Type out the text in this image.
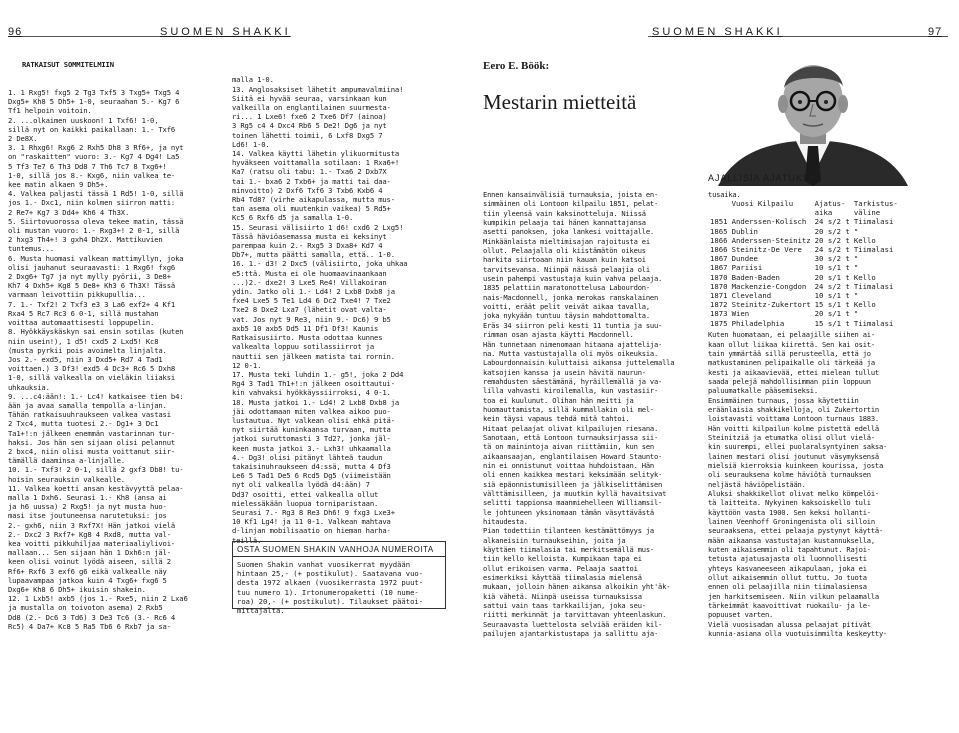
96	SUOMEN SHAKKI	SUOMEN SHAKKI	97

RATKAISUT SOMMITELMIIN

1. 1 Rxg5! fxg5 2 Tg3 Txf5 3 Txg5+ Txg5 4

Dxg5+ Kh8 5 Dh5+ 1-0, seuraahan 5.- Kg7 6

Tf1 helpoin voitoin.

2. ...olkaimen uuskoon! 1 Txf6! 1-0,

sillä nyt on kaikki paikallaan: 1.- Txf6

2 De8X.

3. 1 Rhxg6! Rxg6 2 Rxh5 Dh8 3 Rf6+, ja nyt

on "raskaitten" vuoro: 3.- Kg7 4 Dg4! La5

5 Tf3 Te7 6 Th3 Dd8 7 Th6 Tc7 8 Txg6+!

1-0, sillä jos 8.- Kxg6, niin valkea te-

kee matin alkaen 9 Dh5+.

4. Valkea paljasti tässä 1 Rd5! 1-0, sillä

jos 1.- Dxc1, niin kolmen siirron matti:

2 Re7+ Kg7 3 Dd4+ Kh6 4 Th3X.

5. Siirtovuorossa oleva tekee matin, tässä

oli mustan vuoro: 1.- Rxg3+! 2 0-1, sillä

2 hxg3 Th4+! 3 gxh4 Dh2X. Mattikuvien

tuntemus...

6. Musta huomasi valkean mattimyllyn, joka

olisi jauhanut seuraavasti: 1 Rxg6! fxg6

2 Dxg6+ Tg7 ja nyt mylly pyörii, 3 De8+

Kh7 4 Dxh5+ Kg8 5 De8+ Kh3 6 Th3X! Tässä

varmaan leivottiin pikkupullia...

7. 1.- Txf2! 2 Txf3 e3 3 La6 exf2+ 4 Kf1

Rxa4 5 Rc7 Rc3 6 0-1, sillä mustahan

voittaa automaattisesti loppupelin.

8. Hyökkäyskäskyn sai ensin sotilas (kuten

niin usein!), 1 d5! cxd5 2 Lxd5! Kc8

(musta pyrkii pois avoimelta linjalta.

Jos 2.- exd5, niin 3 Dxd5+ Rd7 4 Tad1

voittaen.) 3 Df3! exd5 4 Dc3+ Rc6 5 Dxh8

1-0, sillä valkealla on vieläkin liiaksi

uhkauksia.

9. ...c4:ään!: 1.- Lc4! katkaisee tien b4:

ään ja avaa samalla tempolla a-linjan.

Tähän ratkaisuuhraukseen valkea vastasi

2 Txc4, mutta tuotesi 2.- Dg1+ 3 Dc1

Ta1+!:n jälkeen enemmän vastarinnan tur-

haksi. Jos hän sen sijaan olisi pelannut

2 bxc4, niin olisi musta voittanut siir-

tämällä daaminsa a-linjalle.

10. 1.- Txf3! 2 0-1, sillä 2 gxf3 Db8! tu-

hoisin seurauksin valkealle.

11. Valkea koetti ansan kestävyyttä pelaa-

malla 1 Dxh6. Seurasi 1.- Kh8 (ansa ai

ja h6 uussa) 2 Rxg5! ja nyt musta huo-

masi itse joutuneensa narutetuksi: jos

2.- gxh6, niin 3 Rxf7X! Hän jatkoi vielä

2.- Dxc2 3 Rxf7+ Kg8 4 Rxd8, mutta val-

kea voitti pikkuhiljaa materiaaliylivoi-

mallaan... Sen sijaan hän 1 Dxh6:n jäl-

keen olisi voinut lyödä aiseen, sillä 2

Rf6+ Rxf6 3 exf6 g6 eikä valkealle näy

lupaavampaa jatkoa kuin 4 Txg6+ fxg6 5

Dxg6+ Kh8 6 Dh5+ ikuisin shakein.

12. 1 Lxb5! axb5 (jos 1.- Rxe5, niin 2 Lxa6

ja mustalla on toivoton asema) 2 Rxb5

Dd8 (2.- Dc6 3 Td6) 3 De3 Tc6 (3.- Rc6 4

Rc5) 4 Da7+ Kc8 5 Ra5 Tb6 6 Rxb7 ja sa-

malla 1-0.

13. Anglosaksiset lähetit ampumavalmiina!

Siitä ei hyvää seuraa, varsinkaan kun

valkeilla on englantilainen suurmesta-

ri... 1 Lxe6! fxe6 2 Txe6 Df7 (ainoa)

3 Rg5 c4 4 Dxc4 Rb6 5 De2! Dg6 ja nyt

toinen lähetti toimii, 6 Lxf8 Dxg5 7

Ld6! 1-0.

14. Valkea käytti lähetin ylikuormitusta

hyväkseen voittamalla sotilaan: 1 Rxa6+!

Ka7 (ratsu oli tabu: 1.- Txa6 2 Dxb7X

tai 1.- bxa6 2 Txb6+ ja matti tai daa-

minvoitto) 2 Dxf6 Txf6 3 Txb6 Kxb6 4

Rb4 Td8? (virhe aikapulassa, mutta mus-

tan asema oli muutenkin vaikea) 5 Rd5+

Kc5 6 Rxf6 d5 ja samalla 1-0.

15. Seurasi välisiirto 1 d6! cxd6 2 Lxg5!

Tässä häviöasemassa musta ei keksinyt

parempaa kuin 2.- Rxg5 3 Dxa8+ Kd7 4

Db7+, mutta päätti samalla, että.. 1-0.

16. 1.- d3! 2 Dxc5 (välisiirto, joka uhkaa

e5:ttä. Musta ei ole huomaavinaankaan

...)2.- dxe2! 3 Lxe5 Re4! Villakoiran

ydin. Jatko oli 1.- Ld4! 2 Lxb8 Dxb8 ja

fxe4 Lxe5 5 Te1 Ld4 6 Dc2 Txe4! 7 Txe2

Txe2 8 Dxe2 Lxa7 (lähetit ovat valta-

vat. Jos nyt 9 Re3, niin 9.- Dc6) 9 b5

axb5 10 axb5 Dd5 11 Df1 Df3! Kaunis

Ratkaisusiirto. Musta odottaa kunnes

valkealta loppuu sotilassiirrot ja

nauttii sen jälkeen matista tai rornin.

12 0-1.

17. Musta teki luhdin 1.- g5!, joka 2 Dd4

Rg4 3 Tad1 Th1+!:n jälkeen osoittautui-

kin vahvaksi hyökkäyssiirroksi, 4 0-1.

18. Musta jatkoi 1.- Ld4! 2 Lxb8 Dxb8 ja

jäi odottamaan miten valkea aikoo puo-

lustautua. Nyt valkean olisi ehkä pitä-

nyt siirtää kuninkaansa turvaan, mutta

jatkoi suruttomasti 3 Td2?, jonka jäl-

keen musta jatkoi 3.- Lxh3! uhkaamalla

4.- Dg3! olisi pitänyt lähteä taudun

takaisinuhraukseen d4:ssä, mutta 4 Df3

Le6 5 Tad1 De5 6 Rcd5 Dg5 (viimeistään

nyt oli valkealla lyödä d4:ään) 7

Dd3? osoitti, ettei valkealla ollut

mielessäkään luopua torniparistaan.

Seurasi 7.- Rg3 8 Re3 Dh6! 9 fxg3 Lxe3+

10 Kf1 Lg4! ja 11 0-1. Valkean mahtava

d-linjan mobilisaatio on hieman harha-

teillä.

OSTA SUOMEN SHAKIN VANHOJA NUMEROITA

Suomen Shakin vanhat vuosikerrat myydään

hintaan 25,- (+ postikulut). Saatavana vuo-

desta 1972 alkaen (vuosikerrasta 1972 puut-

tuu numero 1). Irtonumeropaketti (10 nume-

roa) 20,- (+ postikulut). Tilaukset päätoi-

mittajalta.

Eero E. Böök:
Mestarin mietteitä

Ennen kansainvälisiä turnauksia, joista en-

simmäinen oli Lontoon kilpailu 1851, pelat-

tiin yleensä vain kaksinotteluja. Niissä

kumpikin pelaaja tai hänen kannattajansa

asetti panoksen, joka lankesi voittajalle.

Minkäänlaista mieltimisajan rajoitusta ei

ollut. Pelaajalla oli kiistämätön oikeus

harkita siirtoaan niin kauan kuin katsoi

tarvitsevansa. Niinpä näissä pelaajia oli

usein pahempi vastustaja kuin vahva pelaaja.

1835 pelattiin maratonottelusa Labourdon-

nais-Macdonnell, jonka merokas ranskalainen

voitti, eräät pelit veivät aikaa tavalla,

joka nykyään tuntuu täysin mahdottomalta.

Eräs 34 siirron peli kesti 11 tuntia ja suu-

rimman osan ajasta käytti Macdonnell.

Hän tunnetaan nimenomaan hitaana ajattelija-

na. Mutta vastustajalla oli myös oikeuksia.

Labourdonnaisin kuluttaisi aikansa juttelemalla

katsojien kanssa ja usein hävitä naurun-

remahdusten säestämänä, hyräillemällä ja va-

lilla vahvasti kiroilemalla, kun vastasiir-

toa ei kuulunut. Olihan hän meitti ja

huomauttamista, sillä kummallakin oli mel-

kein täysi vapaus tehdä mitä tahtoi.

Hitaat pelaajat olivat kilpailujen riesana.

Sanotaan, että Lontoon turnauksirjassa sii-

tä on mainintoja aivan riittämiin, kun sen

aikaansaajan, englantilaisen Howard Staunto-

nin ei onnistunut voittaa huhdoistaan. Hän

oli ennen kaikkea mestari keksimään selityk-

siä epäonnistumisilleen ja jälkiselittämisen

välttämisilleen, ja muutkin kyllä havaitsivat

selitti tappionsa maanmiehelleen Williamsil-

le johtuneen yksinomaan tämän väsyttävästä

hitaudesta.

Pian todettiin tilanteen kestämättömyys ja

alkaneisiin turnaukseihin, joita ja

käyttäen tiimalasia tai merkitsemällä mus-

tiin kello kelloista. Kumpikaan tapa ei

ollut erikoisen varma. Pelaaja saattoi

esimerkiksi käyttää tiimalasia mielensä

mukaan, jolloin hänen aikansa alkoikin yht'äk-

kiä vähetä. Niinpä useissa turnauksissa

sattui vain taas tarkkailijan, joka seu-

riitti merkinnät ja tarvittavan yhteenlaskun.

Seuraavasta luettelosta selviää eräiden kil-

pailujen ajantarkistustapa ja sallittu aja-

AJALLISIA AJATUKSIA

tusaika.

Kuten huomataan, ei pelaajille siihen ai-

kaan ollut liikaa kiirettä. Sen kai osit-

tain ymmärtää sillä perusteella, että jo

matkustaminen pelipaikalle oli tärkeää ja

kesti ja aikaavievää, ettei mielean tullut

saada pelejä mahdollisimman piin loppuun

paluumatkalle pääsemiseksi.

Ensimmäinen turnaus, jossa käytettiin

eräänlaisia shakkikelloja, oli Zukertortin

loistavasti voittama Lontoon turnaus 1883.

Hän voitti kilpailun kolme pistettä edellä

Steinitziä ja etumatka olisi ollut vielä-

kin suurempi, ellei puolaralsyntyinen saksa-

lainen mestari olisi joutunut väsymyksensä

mielsiä kierroksia kuinkeen kourissa, josta

oli seurauksena kolme häviötä turnauksen

neljästä häviöpelistään.

Aluksi shakkikellot olivat melko kömpelöi-

tä laitteita. Nykyinen kaksoiskello tuli

käyttöön vasta 1900. Sen keksi hollanti-

lainen Veenhoff Groningenista oli silloin

seuraaksena, ettei pelaaja pystynyt käyttä-

mään aikaansa vastustajan kustannuksella,

kuten aikaisemmin oli tapahtunut. Rajoi-

tetusta ajatusajasta oli luonnollisesti

yhteys kasvaneeseen aikapulaan, joka ei

ollut aikaisemmin ollut tuttu. Jo tuota

ennen oli pelaajilla niin tiimalasiensa

jen harkitsemiseen. Niin vilkun pelaamalla

tärkeimmät kaavoittivat ruokailu- ja le-

popuuset varten.

Vielä vuosisadan alussa pelaajat pitivät

kunnia-asiana olla vuotuisimmilta keskeytty-

	Vuosi Kilpailu	Ajatus-	Tarkistus-
		aika	väline
1851	Anderssen-Kolisch	24 s/2 t	Tiimalasi
1865	Dublin	20 s/2 t	"
1866	Anderssen-Steinitz	20 s/2 t	Kello
1866	Steinitz-De Vere	24 s/2 t	Tiimalasi
1867	Dundee	30 s/2 t	"
1867	Pariisi	10 s/1 t	"
1870	Baden-Baden	20 s/1 t	Kello
1870	Mackenzie-Congdon	24 s/2 t	Tiimalasi
1871	Cleveland	10 s/1 t	"
1872	Steinitz-Zukertort	15 s/1 t	Kello
1873	Wien	20 s/1 t	"
1875	Philadelphia	15 s/1 t	Tiimalasi
